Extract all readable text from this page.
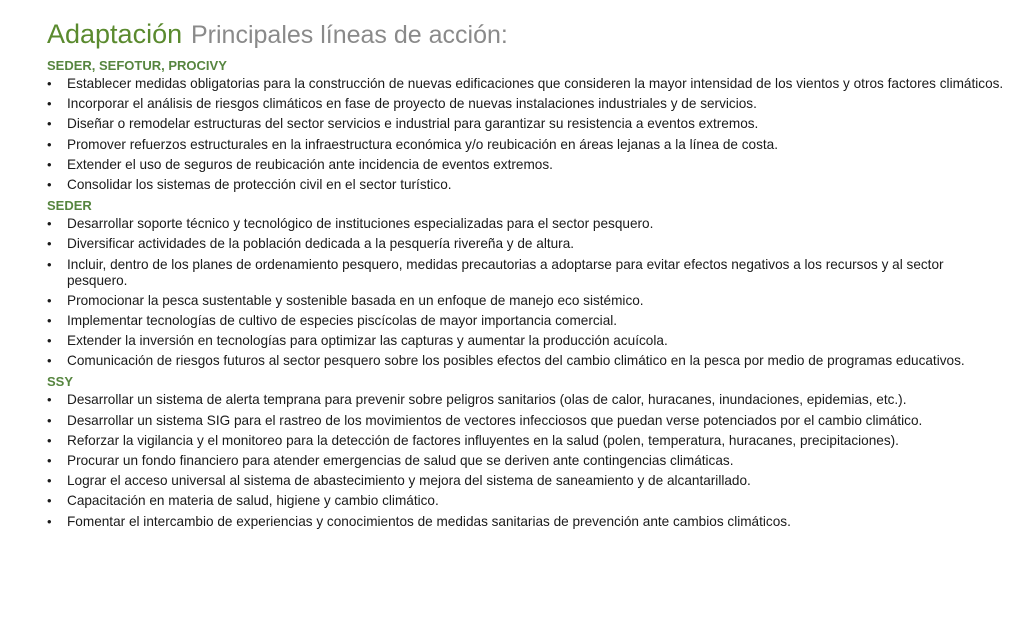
Adaptación Principales líneas de acción:
SEDER, SEFOTUR, PROCIVY
• Establecer medidas obligatorias para la construcción de nuevas edificaciones que consideren la mayor intensidad de los vientos y otros factores climáticos.
• Incorporar el análisis de riesgos climáticos en fase de proyecto de nuevas instalaciones industriales y de servicios.
• Diseñar o remodelar estructuras del sector servicios e industrial para garantizar su resistencia a eventos extremos.
• Promover refuerzos estructurales en la infraestructura económica y/o reubicación en áreas lejanas a la línea de costa.
• Extender el uso de seguros de reubicación ante incidencia de eventos extremos.
• Consolidar los sistemas de protección civil en el sector turístico.
SEDER
• Desarrollar soporte técnico y tecnológico de instituciones especializadas para el sector pesquero.
• Diversificar actividades de la población dedicada a la pesquería rivereña y de altura.
• Incluir, dentro de los planes de ordenamiento pesquero, medidas precautorias a adoptarse para evitar efectos negativos a los recursos y al sector pesquero.
• Promocionar la pesca sustentable y sostenible basada en un enfoque de manejo eco sistémico.
• Implementar tecnologías de cultivo de especies piscícolas de mayor importancia comercial.
• Extender la inversión en tecnologías para optimizar las capturas y aumentar la producción acuícola.
• Comunicación de riesgos futuros al sector pesquero sobre los posibles efectos del cambio climático en la pesca por medio de programas educativos.
SSY
• Desarrollar un sistema de alerta temprana para prevenir sobre peligros sanitarios (olas de calor, huracanes, inundaciones, epidemias, etc.).
• Desarrollar un sistema SIG para el rastreo de los movimientos de vectores infecciosos que puedan verse potenciados por el cambio climático.
• Reforzar la vigilancia y el monitoreo para la detección de factores influyentes en la salud (polen, temperatura, huracanes, precipitaciones).
• Procurar un fondo financiero para atender emergencias de salud que se deriven ante contingencias climáticas.
• Lograr el acceso universal al sistema de abastecimiento y mejora del sistema de saneamiento y de alcantarillado.
• Capacitación en materia de salud, higiene y cambio climático.
• Fomentar el intercambio de experiencias y conocimientos de medidas sanitarias de prevención ante cambios climáticos.
